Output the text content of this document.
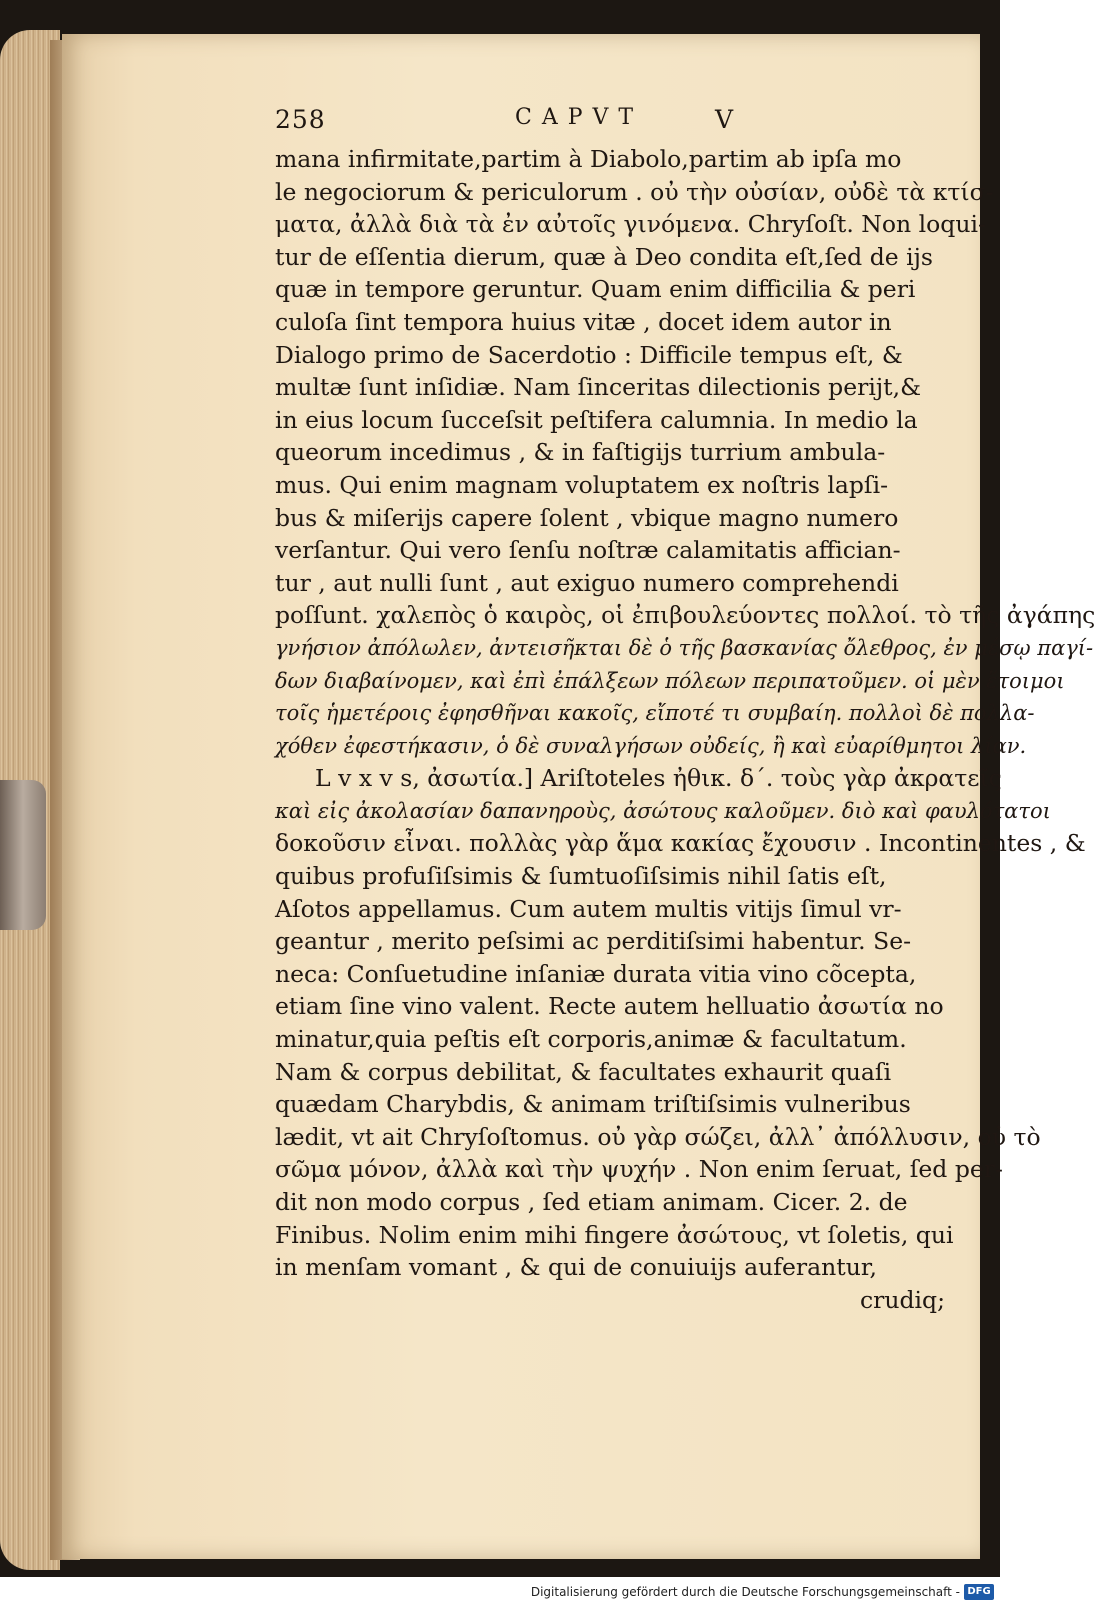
258	CAPVT	V
mana infirmitate,partim à Diabolo,partim ab ipſa mo
le negociorum & periculorum . οὐ τὴν οὐσίαν, οὐδὲ τὰ κτίσ-
ματα, ἀλλὰ διὰ τὰ ἐν αὐτοῖς γινόμενα. Chryſoſt. Non loqui-
tur de eſſentia dierum, quæ à Deo condita eſt,ſed de ijs
quæ in tempore geruntur. Quam enim difficilia & peri
culoſa ſint tempora huius vitæ , docet idem autor in
Dialogo primo de Sacerdotio : Difficile tempus eſt, &
multæ ſunt inſidiæ. Nam ſinceritas dilectionis perijt,&
in eius locum ſucceſsit peſtifera calumnia. In medio la
queorum incedimus , & in faſtigijs turrium ambula-
mus. Qui enim magnam voluptatem ex noſtris lapſi-
bus & miſerijs capere ſolent , vbique magno numero
verſantur. Qui vero ſenſu noſtræ calamitatis affician-
tur , aut nulli ſunt , aut exiguo numero comprehendi
poſſunt. χαλεπὸς ὁ καιρὸς, οἱ ἐπιβουλεύοντες πολλοί. τὸ τῆς ἀγάπης
γνήσιον ἀπόλωλεν, ἀντεισῆκται δὲ ὁ τῆς βασκανίας ὄλεθρος, ἐν μέσῳ παγί-
δων διαβαίνομεν, καὶ ἐπὶ ἐπάλξεων πόλεων περιπατοῦμεν. οἱ μὲν ἕτοιμοι
τοῖς ἡμετέροις ἐφησθῆναι κακοῖς, εἴποτέ τι συμβαίη. πολλοὶ δὲ πολλα-
χόθεν ἐφεστήκασιν, ὁ δὲ συναλγήσων οὐδείς, ἢ καὶ εὐαρίθμητοι λίαν.
L v x v s, ἀσωτία.] Ariſtoteles ἠθικ. δ΄. τοὺς γὰρ ἀκρατεῖς
καὶ εἰς ἀκολασίαν δαπανηροὺς, ἀσώτους καλοῦμεν. διὸ καὶ φαυλότατοι
δοκοῦσιν εἶναι. πολλὰς γὰρ ἅμα κακίας ἔχουσιν . Incontinentes , &
quibus profuſiſsimis & ſumtuoſiſsimis nihil ſatis eſt,
Aſotos appellamus. Cum autem multis vitijs ſimul vr-
geantur , merito peſsimi ac perditiſsimi habentur. Se-
neca: Conſuetudine inſaniæ durata vitia vino cõcepta,
etiam ſine vino valent. Recte autem helluatio ἀσωτία no
minatur,quia peſtis eſt corporis,animæ & facultatum.
Nam & corpus debilitat, & facultates exhaurit quaſi
quædam Charybdis, & animam triſtiſsimis vulneribus
lædit, vt ait Chryſoſtomus. οὐ γὰρ σώζει, ἀλλ᾽ ἀπόλλυσιν, οὐ τὸ
σῶμα μόνον, ἀλλὰ καὶ τὴν ψυχήν . Non enim ſeruat, ſed per-
dit non modo corpus , ſed etiam animam. Cicer. 2. de
Finibus. Nolim enim mihi fingere ἀσώτους, vt ſoletis, qui
in menſam vomant , & qui de conuiuijs auferantur,
crudiq;
Digitalisierung gefördert durch die Deutsche Forschungsgemeinschaft - DFG
